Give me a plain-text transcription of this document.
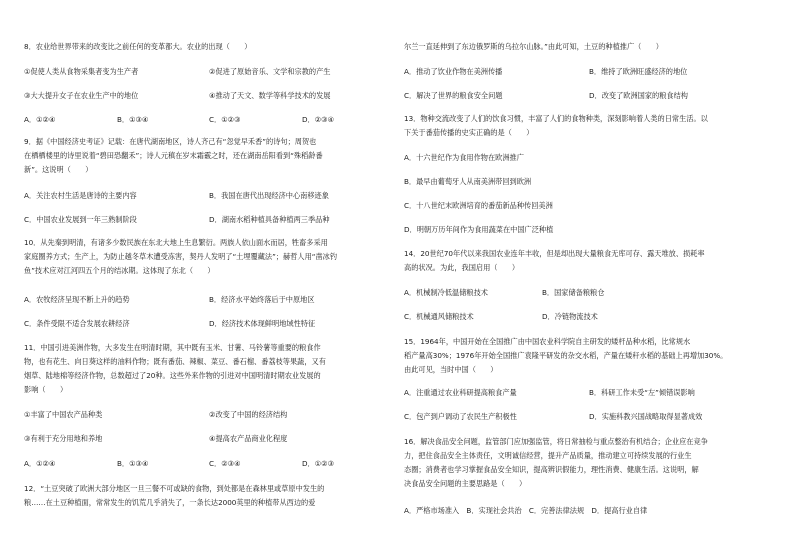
8．农业给世界带来的改变比之前任何的变革都大。农业的出现（　　）
①促使人类从食物采集者变为生产者	②促进了原始音乐、文学和宗教的产生
③大大提升女子在农业生产中的地位	④推动了天文、数学等科学技术的发展
A．①②④	B．①③④	C．①②③	D．②③④
9．据《中国经济史考证》记载：在唐代湖南地区，诗人齐己有“忽觉早禾香”的诗句；周贺也
在栖栖楼里的诗里说着“碧田恐翻禾”；诗人元稹在岁末霜霰之时，还在湖南岳阳看到“殊稻龄番
新”。这说明（　　）
A．关注农村生活是唐诗的主要内容	B．我国在唐代出现经济中心南移迹象
C．中国农业发展到一年三熟制阶段	D．湖南水稻种植具备种植两三季品种
10．从先秦到明清，有诸多少数民族在东北大地上生息繁衍。两族人依山面水而居，牲畜多采用
家庭圈养方式；生产上，为防止越冬草木遭受冻害，契丹人发明了“土埋覆藏法”；赫哲人用“凿冰钓
鱼”技术应对江河四五个月的结冰期。这体现了东北（　　）
A．农牧经济呈现不断上升的趋势	B．经济水平始终落后于中原地区
C．条件受限不适合发展农耕经济	D．经济技术体现鲜明地域性特征
11．中国引进美洲作物，大多发生在明清时期，其中既有玉米、甘薯、马铃薯等重要的粮食作
物，也有花生、向日葵这样的油料作物；既有番茄、辣椒、菜豆、番石榴、番荔枝等果蔬，又有
烟草、陆地棉等经济作物，总数超过了20种。这些外来作物的引进对中国明清时期农业发展的
影响（　　）
①丰富了中国农产品种类	②改变了中国的经济结构
③有利于充分用地和养地	④提高农产品商业化程度
A．①②④	B．①③④	C．②③④	D．①②③
12．“土豆突破了欧洲大部分地区一旦三餐不可或缺的食物，到处都是在森林里或草原中发生的
粮……在土豆种植面，常常发生的饥荒几乎消失了，一条长达2000英里的种植带从西边的爱
尔兰一直延伸到了东边俄罗斯的乌拉尔山脉。”由此可知，土豆的种植推广（　　）
A．推动了饮业作物在美洲传播	B．维持了欧洲旺盛经济的地位
C．解决了世界的粮食安全问题	D．改变了欧洲国家的粮食结构
13．物种交流改变了人们的饮食习惯，丰富了人们的食物种类，深刻影响着人类的日常生活。以
下关于番茄传播的史实正确的是（　　）
A．十六世纪作为食用作物在欧洲推广
B．最早由葡萄牙人从南美洲带回到欧洲
C．十八世纪末欧洲培育的番茄新品种传回美洲
D．明朝万历年间作为食用蔬菜在中国广泛种植
14．20世纪70年代以来我国农业连年丰收，但是却出现大量粮食无库可存、露天堆放、损耗率
高的状况。为此，我国启用（　　）
A．机械制冷低温储粮技术	B．国家储备粮粮仓
C．机械通风储粮技术	D．冷链物流技术
15．1964年，中国开始在全国推广由中国农业科学院自主研发的矮杆品种水稻，比常规水
稻产量高30%；1976年开始全国推广袁隆平研发的杂交水稻，产量在矮秆水稻的基础上再增加30%。
由此可见，当时中国（　　）
A．注重通过农业科研提高粮食产量	B．科研工作未受“左”倾错误影响
C．包产到户调动了农民生产积极性	D．实施科教兴国战略取得显著成效
16．解决食品安全问题，监管部门应加强监管，将日常抽检与重点整治有机结合；企业应在竞争
力，把住食品安全主体责任，文明诚信经营，提升产品质量，推动建立可持续发展的行业生
态圈；消费者也学习掌握食品安全知识，提高辨识假能力，理性消费、健康生活。这说明，解
决食品安全问题的主要思路是（　　）
A．严格市场准入　B．实现社会共治　C．完善法律法规　D．提高行业自律
